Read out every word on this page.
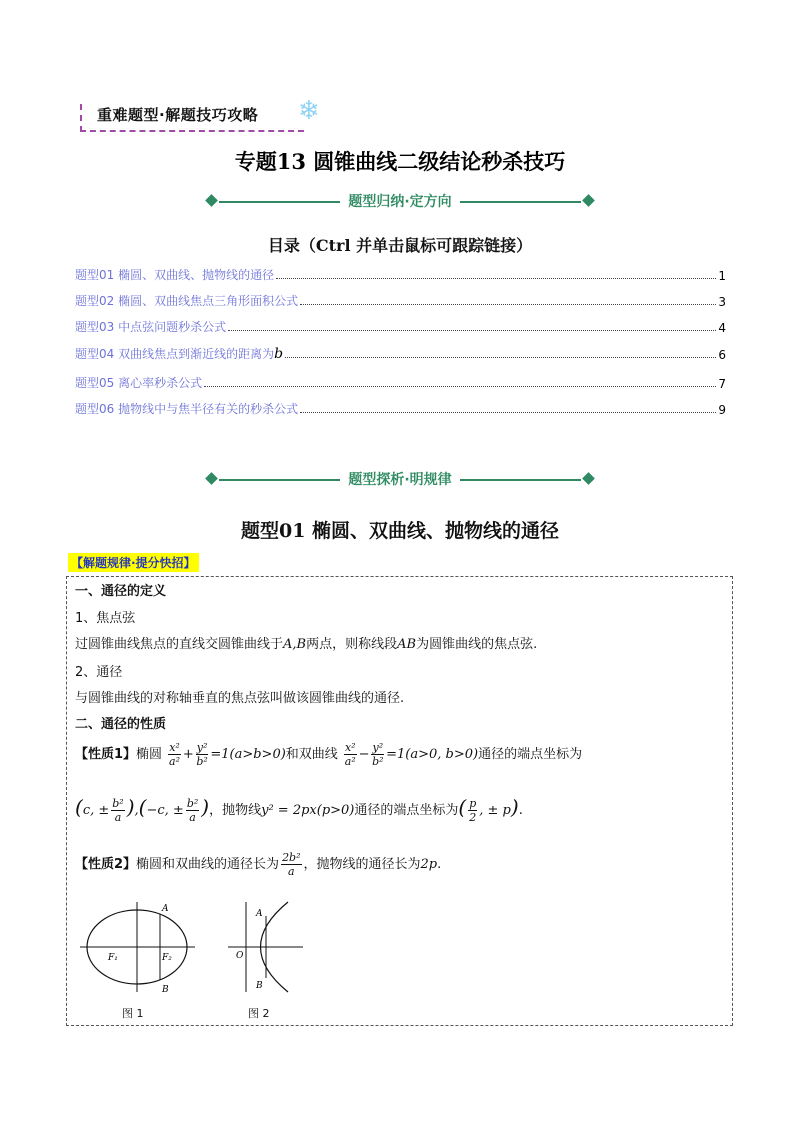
重难题型·解题技巧攻略 ❄
专题13 圆锥曲线二级结论秒杀技巧
题型归纳·定方向
目录（Ctrl 并单击鼠标可跟踪链接）
题型01 椭圆、双曲线、抛物线的通径	1
题型02 椭圆、双曲线焦点三角形面积公式	3
题型03 中点弦问题秒杀公式	4
题型04 双曲线焦点到渐近线的距离为 b	6
题型05 离心率秒杀公式	7
题型06 抛物线中与焦半径有关的秒杀公式	9
题型探析·明规律
题型01 椭圆、双曲线、抛物线的通径
【解题规律·提分快招】
一、通径的定义
1、焦点弦
过圆锥曲线焦点的直线交圆锥曲线于A,B两点，则称线段AB为圆锥曲线的焦点弦.
2、通径
与圆锥曲线的对称轴垂直的焦点弦叫做该圆锥曲线的通径.
二、通径的性质
【性质1】椭圆 $\frac{\text{x²}}{\text{a²}} + \frac{\text{y²}}{\text{b²}} =1(a>b>0)$和双曲线 $\frac{\text{x²}}{\text{a²}} - \frac{\text{y²}}{\text{b²}} =1(a>0$, b>0)通径的端点坐标为
(c, ± $\frac{\text{b²}}{a} ),(-c$, ± $\frac{\text{b²}}{a}$ )，抛物线y² = 2px(p>0)通径的端点坐标为( $\frac{p}{2}$ , ± p).
【性质2】椭圆和双曲线的通径长为 $\frac{\text{2b²}}{a}$ ，抛物线的通径长为2p.
A
B
F₁	F₂
图 1
A
B
O
图 2
